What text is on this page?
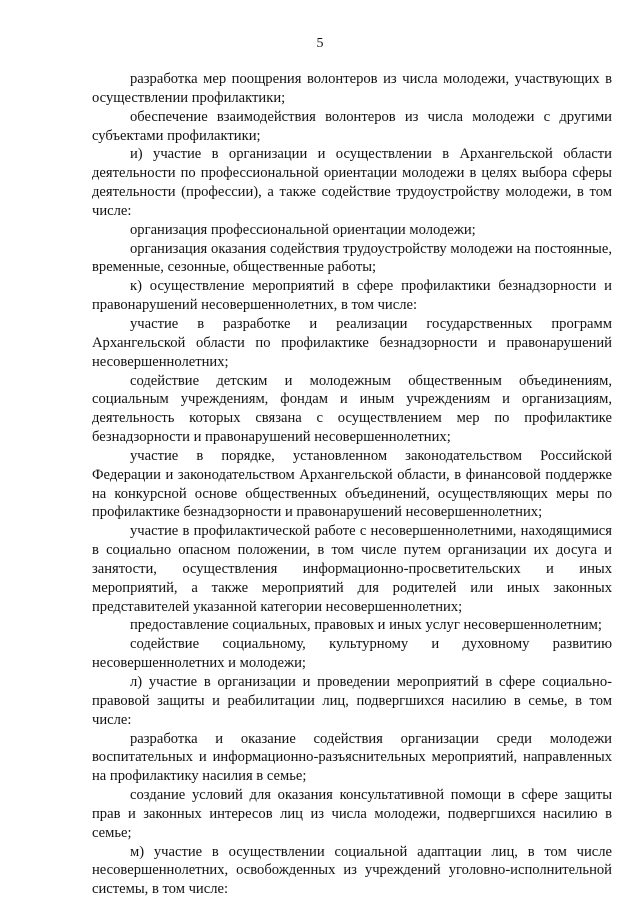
5

разработка мер поощрения волонтеров из числа молодежи, участвующих в осуществлении профилактики;

обеспечение взаимодействия волонтеров из числа молодежи с другими субъектами профилактики;

и) участие в организации и осуществлении в Архангельской области деятельности по профессиональной ориентации молодежи в целях выбора сферы деятельности (профессии), а также содействие трудоустройству молодежи, в том числе:

организация профессиональной ориентации молодежи;

организация оказания содействия трудоустройству молодежи на постоянные, временные, сезонные, общественные работы;

к) осуществление мероприятий в сфере профилактики безнадзорности и правонарушений несовершеннолетних, в том числе:

участие в разработке и реализации государственных программ Архангельской области по профилактике безнадзорности и правонарушений несовершеннолетних;

содействие детским и молодежным общественным объединениям, социальным учреждениям, фондам и иным учреждениям и организациям, деятельность которых связана с осуществлением мер по профилактике безнадзорности и правонарушений несовершеннолетних;

участие в порядке, установленном законодательством Российской Федерации и законодательством Архангельской области, в финансовой поддержке на конкурсной основе общественных объединений, осуществляющих меры по профилактике безнадзорности и правонарушений несовершеннолетних;

участие в профилактической работе с несовершеннолетними, находящимися в социально опасном положении, в том числе путем организации их досуга и занятости, осуществления информационно-просветительских и иных мероприятий, а также мероприятий для родителей или иных законных представителей указанной категории несовершеннолетних;

предоставление социальных, правовых и иных услуг несовершеннолетним;

содействие социальному, культурному и духовному развитию несовершеннолетних и молодежи;

л) участие в организации и проведении мероприятий в сфере социально-правовой защиты и реабилитации лиц, подвергшихся насилию в семье, в том числе:

разработка и оказание содействия организации среди молодежи воспитательных и информационно-разъяснительных мероприятий, направленных на профилактику насилия в семье;

создание условий для оказания консультативной помощи в сфере защиты прав и законных интересов лиц из числа молодежи, подвергшихся насилию в семье;

м) участие в осуществлении социальной адаптации лиц, в том числе несовершеннолетних, освобожденных из учреждений уголовно-исполнительной системы, в том числе:
